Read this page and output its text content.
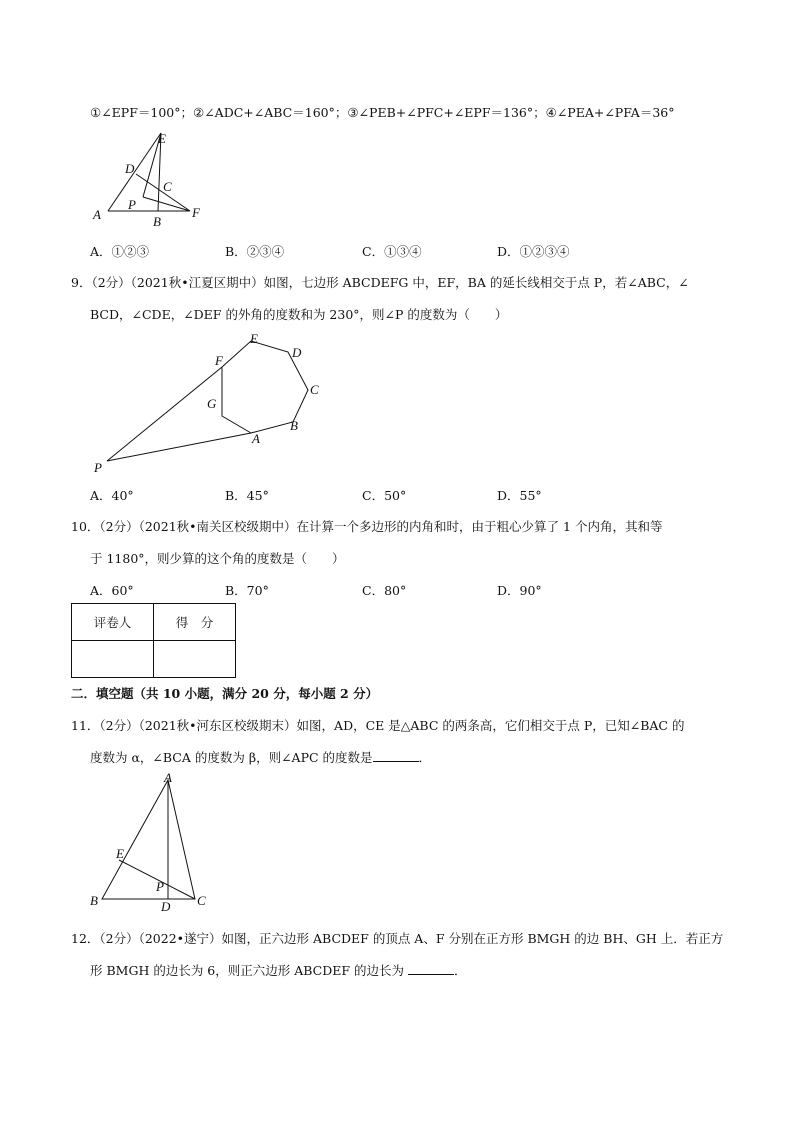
①∠EPF＝100°；②∠ADC+∠ABC＝160°；③∠PEB+∠PFC+∠EPF＝136°；④∠PEA+∠PFA＝36°
E
D
C
P
A	B
F
A．①②③	B．②③④	C．①③④	D．①②③④
9．（2分）（2021秋•江夏区期中）如图，七边形 ABCDEFG 中，EF，BA 的延长线相交于点 P，若∠ABC，∠
BCD，∠CDE，∠DEF 的外角的度数和为 230°，则∠P 的度数为（　　）
E
D
F
C
G
B
A
P
A．40°	B．45°	C．50°	D．55°
10．（2分）（2021秋•南关区校级期中）在计算一个多边形的内角和时，由于粗心少算了 1 个内角，其和等
于 1180°，则少算的这个角的度数是（　　）
A．60°	B．70°	C．80°	D．90°
评卷人	得　分

二．填空题（共 10 小题，满分 20 分，每小题 2 分）
11．（2分）（2021秋•河东区校级期末）如图，AD，CE 是△ABC 的两条高，它们相交于点 P，已知∠BAC 的
度数为 α，∠BCA 的度数为 β，则∠APC 的度数是	．
A
E
P
B	D C
12．（2分）（2022•遂宁）如图，正六边形 ABCDEF 的顶点 A、F 分别在正方形 BMGH 的边 BH、GH 上．若正方
形 BMGH 的边长为 6，则正六边形 ABCDEF 的边长为	．
